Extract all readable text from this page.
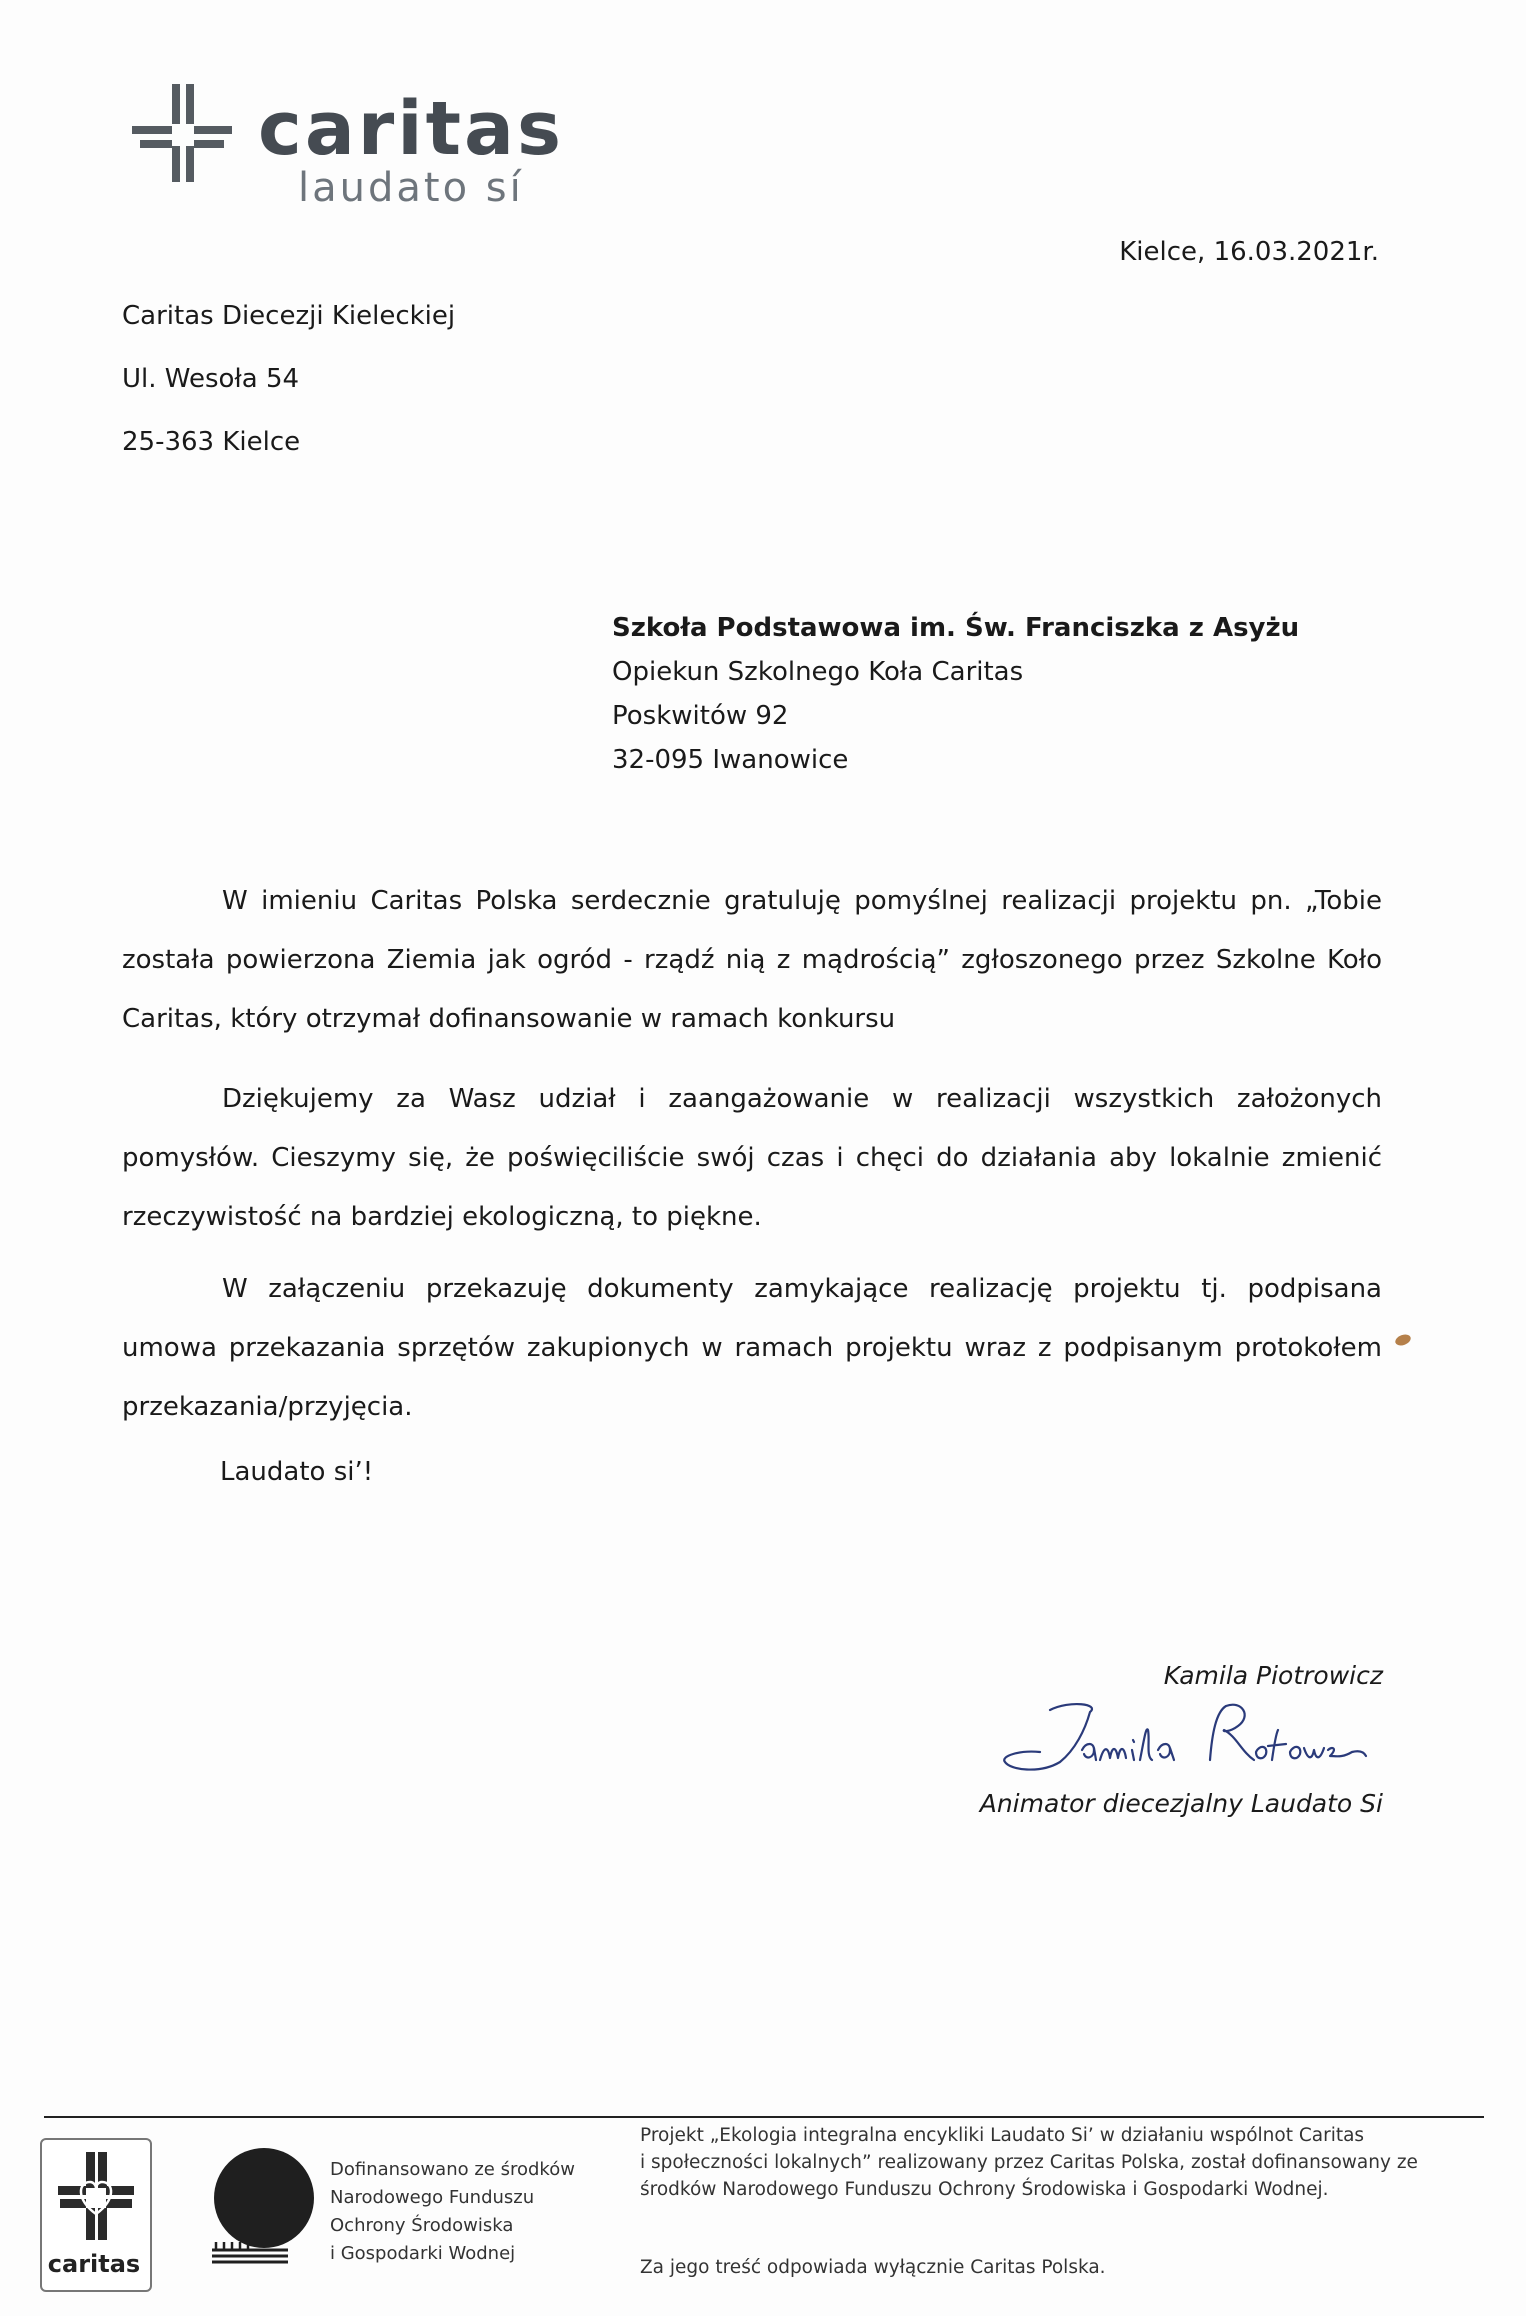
caritas
laudato sí
Kielce, 16.03.2021r.
Caritas Diecezji Kieleckiej
Ul. Wesoła 54
25-363 Kielce
Szkoła Podstawowa im. Św. Franciszka z Asyżu
Opiekun Szkolnego Koła Caritas
Poskwitów 92
32-095 Iwanowice
W imieniu Caritas Polska serdecznie gratuluję pomyślnej realizacji projektu pn. „Tobie została powierzona Ziemia jak ogród - rządź nią z mądrością” zgłoszonego przez Szkolne Koło Caritas, który otrzymał dofinansowanie w ramach konkursu
Dziękujemy za Wasz udział i zaangażowanie w realizacji wszystkich założonych pomysłów. Cieszymy się, że poświęciliście swój czas i chęci do działania aby lokalnie zmienić rzeczywistość na bardziej ekologiczną, to piękne.
W załączeniu przekazuję dokumenty zamykające realizację projektu tj. podpisana umowa przekazania sprzętów zakupionych w ramach projektu wraz z podpisanym protokołem przekazania/przyjęcia.
Laudato si’!
Kamila Piotrowicz
Animator diecezjalny Laudato Si
caritas
Dofinansowano ze środków
Narodowego Funduszu
Ochrony Środowiska
i Gospodarki Wodnej
Projekt „Ekologia integralna encykliki Laudato Si’ w działaniu wspólnot Caritas
i społeczności lokalnych” realizowany przez Caritas Polska, został dofinansowany ze
środków Narodowego Funduszu Ochrony Środowiska i Gospodarki Wodnej.
Za jego treść odpowiada wyłącznie Caritas Polska.
